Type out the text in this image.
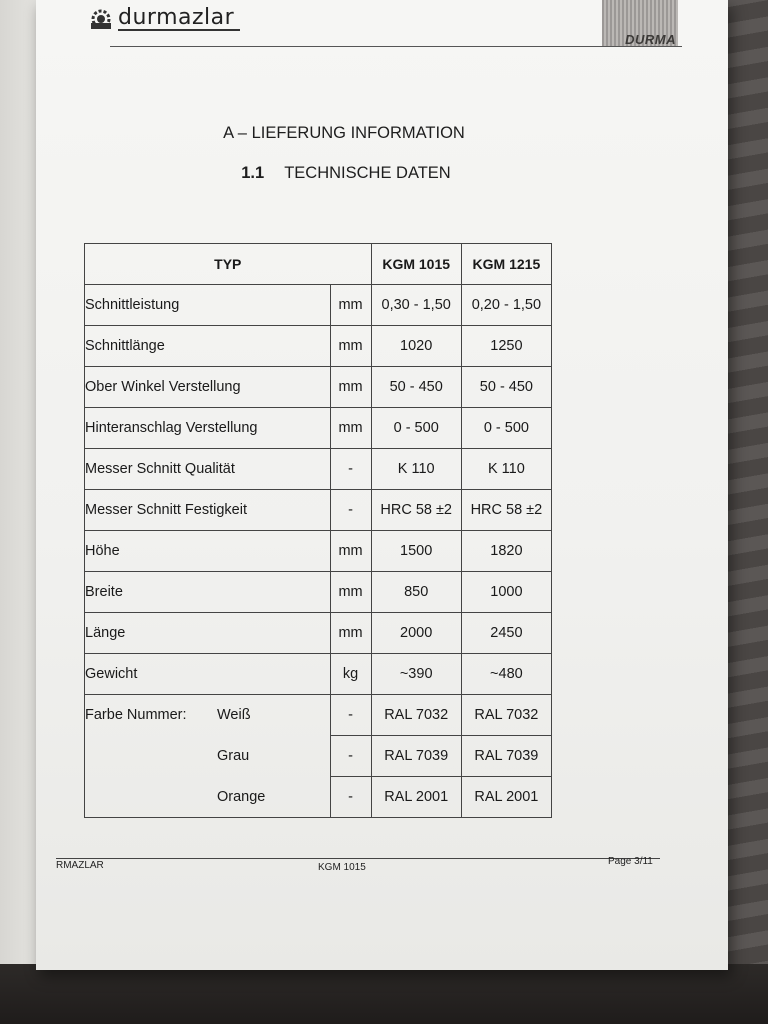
durmazlar
DURMA
A – LIEFERUNG INFORMATION
1.1 TECHNISCHE DATEN
TYP		KGM 1015	KGM 1215
Schnittleistung	mm	0,30 - 1,50	0,20 - 1,50
Schnittlänge	mm	1020	1250
Ober Winkel Verstellung	mm	50 - 450	50 - 450
Hinteranschlag Verstellung	mm	0 - 500	0 - 500
Messer Schnitt Qualität	-	K 110	K 110
Messer Schnitt Festigkeit	-	HRC 58 ±2	HRC 58 ±2
Höhe	mm	1500	1820
Breite	mm	850	1000
Länge	mm	2000	2450
Gewicht	kg	~390	~480

Farbe Nummer: Weiß	-	RAL 7032	RAL 7032

Grau	-	RAL 7039	RAL 7039

Orange	-	RAL 2001	RAL 2001
RMAZLAR	KGM 1015
Page 3/11
